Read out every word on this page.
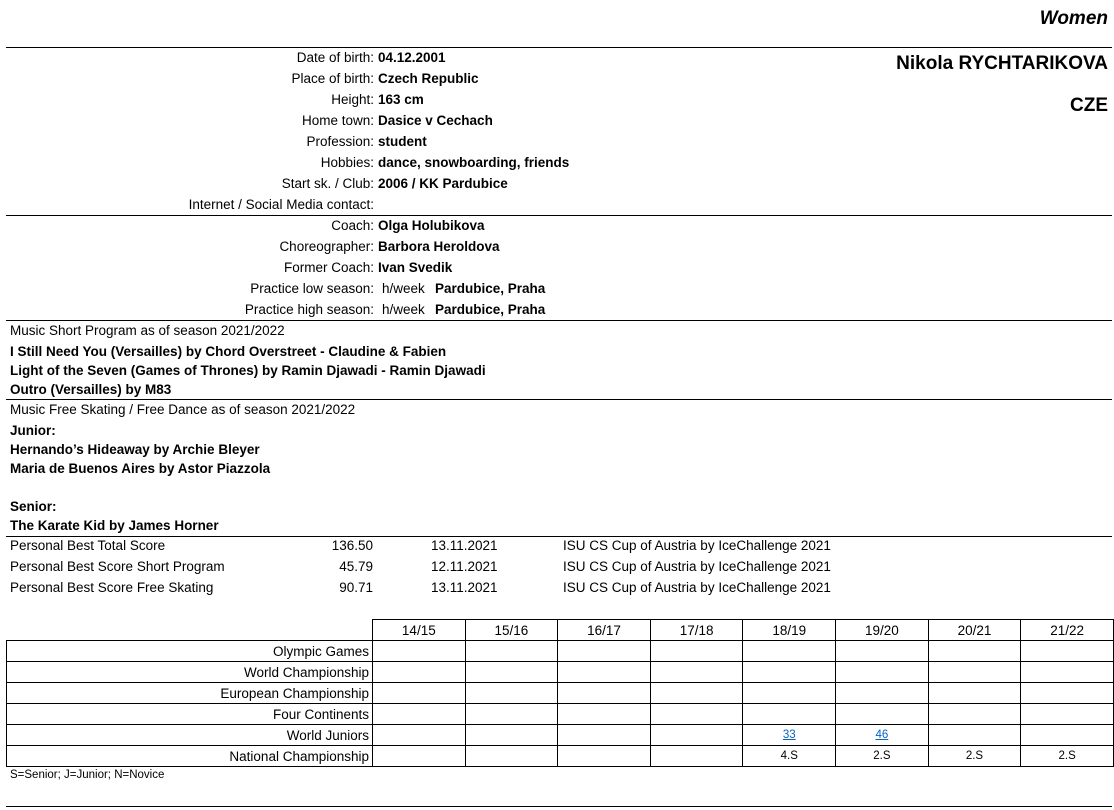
Women
Nikola RYCHTARIKOVA
CZE
Date of birth: 04.12.2001
Place of birth: Czech Republic
Height: 163 cm
Home town: Dasice v Cechach
Profession: student
Hobbies: dance, snowboarding, friends
Start sk. / Club: 2006 / KK Pardubice
Internet / Social Media contact:
Coach: Olga Holubikova
Choreographer: Barbora Heroldova
Former Coach: Ivan Svedik
Practice low season: h/week Pardubice, Praha
Practice high season: h/week Pardubice, Praha
Music Short Program as of season 2021/2022
I Still Need You (Versailles) by Chord Overstreet - Claudine & Fabien
Light of the Seven (Games of Thrones) by Ramin Djawadi - Ramin Djawadi
Outro (Versailles) by M83
Music Free Skating / Free Dance as of season 2021/2022
Junior:
Hernando’s Hideaway by Archie Bleyer
Maria de Buenos Aires by Astor Piazzola
Senior:
The Karate Kid by James Horner
Personal Best Total Score	136.50	13.11.2021	ISU CS Cup of Austria by IceChallenge 2021
Personal Best Score Short Program	45.79	12.11.2021	ISU CS Cup of Austria by IceChallenge 2021
Personal Best Score Free Skating	90.71	13.11.2021	ISU CS Cup of Austria by IceChallenge 2021
	14/15	15/16	16/17	17/18	18/19	19/20	20/21	21/22
Olympic Games								
World Championship								
European Championship								
Four Continents								
World Juniors					33	46		
National Championship					4.S	2.S	2.S	2.S
S=Senior; J=Junior; N=Novice
